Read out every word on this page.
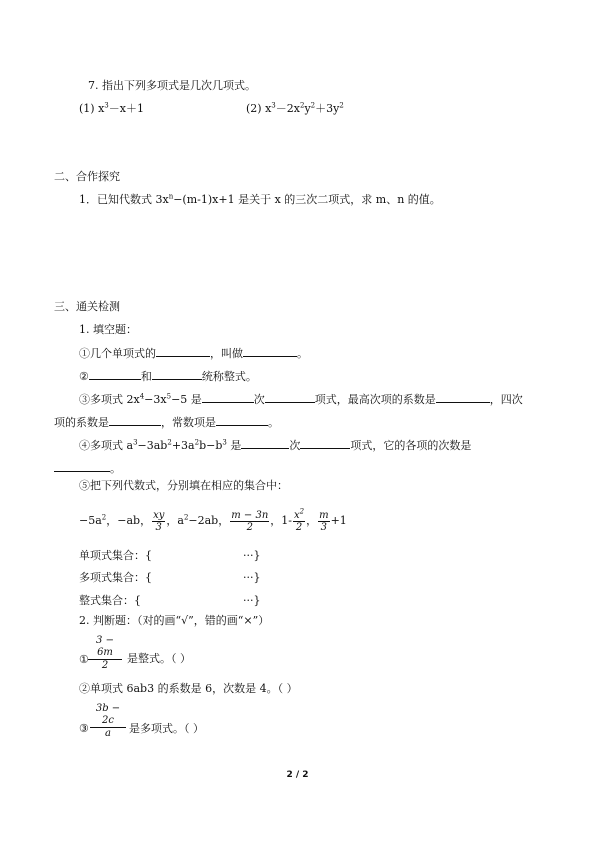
7. 指出下列多项式是几次几项式。
(1) $x^3-x+1$	(2) $x^3-2x^2y^2+3y^2$
二、合作探究
1．已知代数式 $3x^n-(m-1)x+1$ 是关于 x 的三次二项式，求 m、n 的值。
三、通关检测
1. 填空题：
①几个单项式的	，叫做	。
②	和	统称整式。
③多项式 $2x^4-3x^5-5$ 是	次	项式，最高次项的系数是	，四次
项的系数是	，常数项是	。
④多项式 $a^3-3ab^2+3a^2b-b^3$ 是	次	项式，它的各项的次数是
。
⑤把下列代数式，分别填在相应的集合中：
$-5a^2$，−ab， $\frac{xy}{3}$ ，$a^2-2ab$， $\frac{m - 3n}{2}$ ，$1- \frac{x^2}{2}$ ， $\frac{m}{3} +1$
单项式集合：{	···}
多项式集合：{	···}
整式集合：{	···}
2. 判断题：（对的画“√”，错的画“×”）
$\frac{3 - 6m}{2}$
①	是整式。（ ）
②单项式 6ab3 的系数是 6，次数是 4。（ ）
$\frac{3b - 2c}{a}$
③	是多项式。（ ）
2 / 2
